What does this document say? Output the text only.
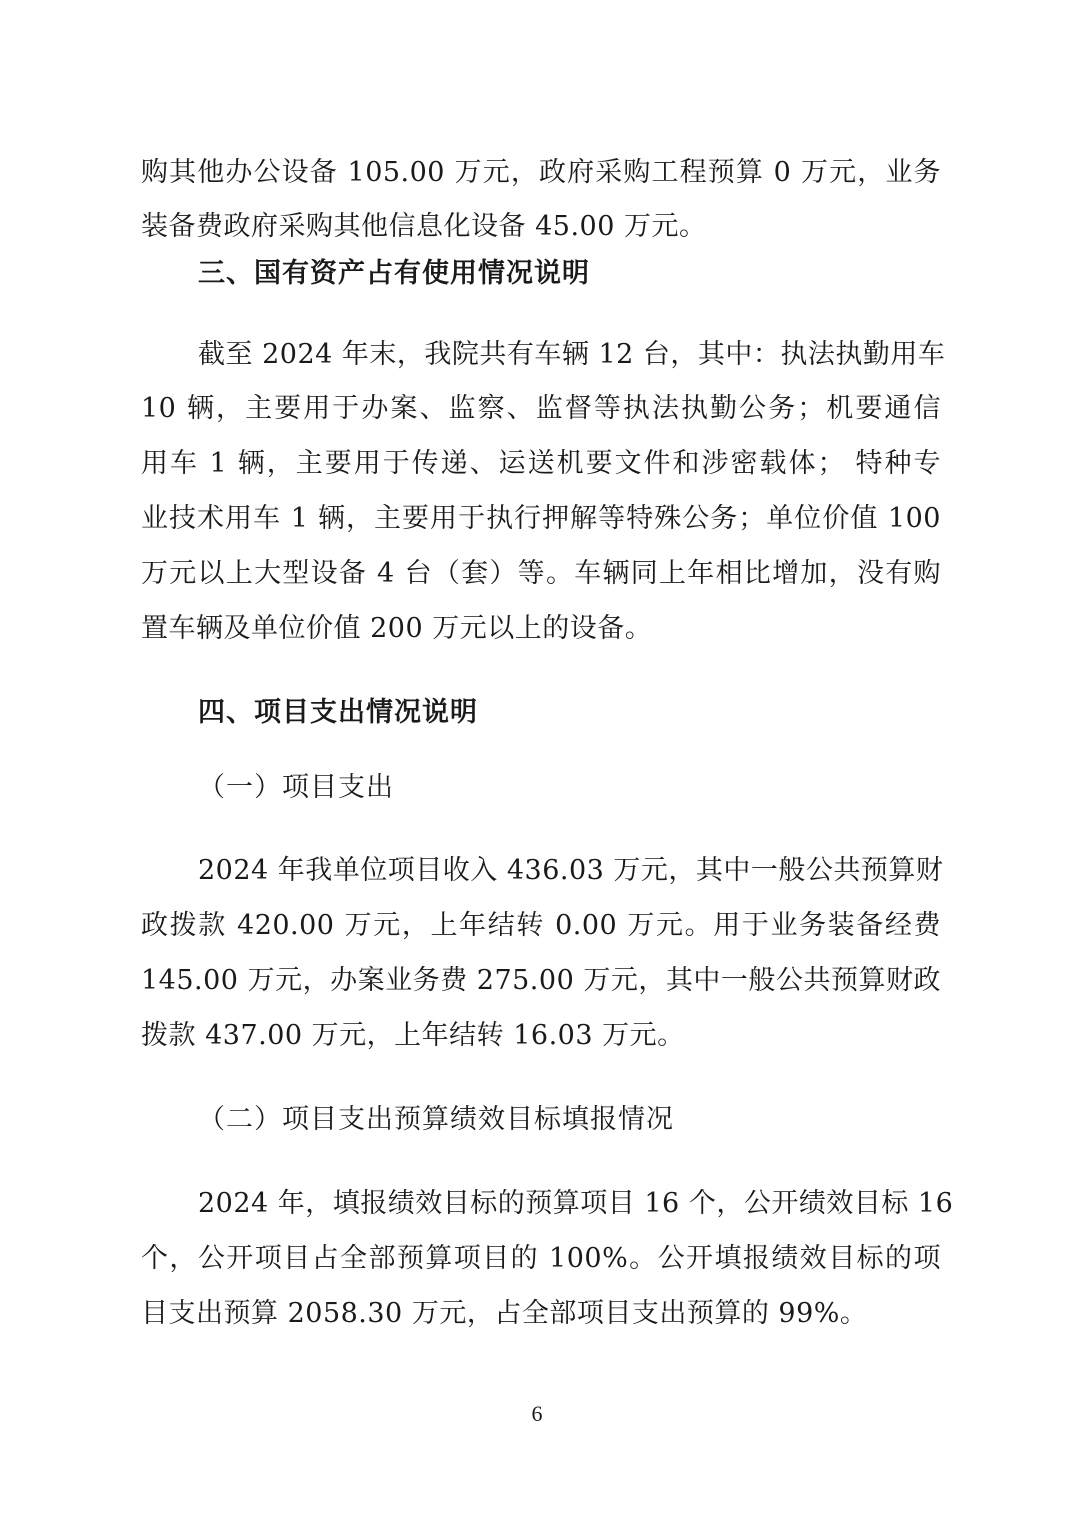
购其他办公设备 105.00 万元，政府采购工程预算 0 万元，业务
装备费政府采购其他信息化设备 45.00 万元。
三、国有资产占有使用情况说明
截至 2024 年末，我院共有车辆 12 台，其中：执法执勤用车
10 辆，主要用于办案、监察、监督等执法执勤公务；机要通信
用车 1 辆，主要用于传递、运送机要文件和涉密载体； 特种专
业技术用车 1 辆，主要用于执行押解等特殊公务；单位价值 100
万元以上大型设备 4 台（套）等。车辆同上年相比增加，没有购
置车辆及单位价值 200 万元以上的设备。
四、项目支出情况说明
（一）项目支出
2024 年我单位项目收入 436.03 万元，其中一般公共预算财
政拨款 420.00 万元，上年结转 0.00 万元。用于业务装备经费
145.00 万元，办案业务费 275.00 万元，其中一般公共预算财政
拨款 437.00 万元，上年结转 16.03 万元。
（二）项目支出预算绩效目标填报情况
2024 年，填报绩效目标的预算项目 16 个，公开绩效目标 16
个，公开项目占全部预算项目的 100%。公开填报绩效目标的项
目支出预算 2058.30 万元，占全部项目支出预算的 99%。
6
